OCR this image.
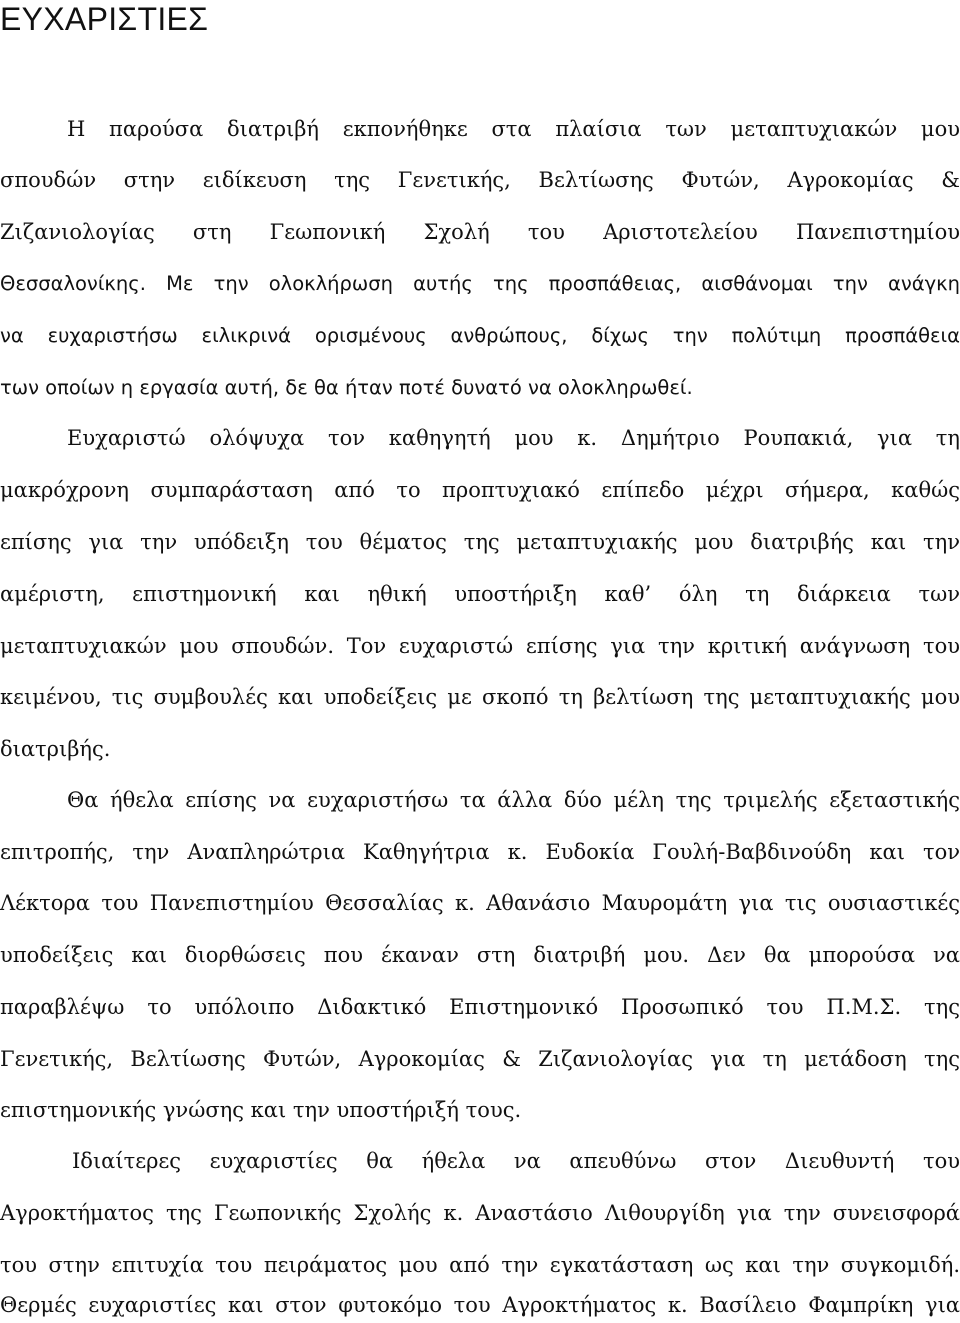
ΕΥΧΑΡΙΣΤΙΕΣ
Η παρούσα διατριβή εκπονήθηκε στα πλαίσια των μεταπτυχιακών μου
σπουδών στην ειδίκευση της Γενετικής, Βελτίωσης Φυτών, Αγροκομίας &
Ζιζανιολογίας στη Γεωπονική Σχολή του Αριστοτελείου Πανεπιστημίου
Θεσσαλονίκης. Με την ολοκλήρωση αυτής της προσπάθειας, αισθάνομαι την ανάγκη
να ευχαριστήσω ειλικρινά ορισμένους ανθρώπους, δίχως την πολύτιμη προσπάθεια
των οποίων η εργασία αυτή, δε θα ήταν ποτέ δυνατό να ολοκληρωθεί.
Ευχαριστώ ολόψυχα τον καθηγητή μου κ. Δημήτριο Ρουπακιά, για τη
μακρόχρονη συμπαράσταση από το προπτυχιακό επίπεδο μέχρι σήμερα, καθώς
επίσης για την υπόδειξη του θέματος της μεταπτυχιακής μου διατριβής και την
αμέριστη, επιστημονική και ηθική υποστήριξη καθ’ όλη τη διάρκεια των
μεταπτυχιακών μου σπουδών. Τον ευχαριστώ επίσης για την κριτική ανάγνωση του
κειμένου, τις συμβουλές και υποδείξεις με σκοπό τη βελτίωση της μεταπτυχιακής μου
διατριβής.
Θα ήθελα επίσης να ευχαριστήσω τα άλλα δύο μέλη της τριμελής εξεταστικής
επιτροπής, την Αναπληρώτρια Καθηγήτρια κ. Ευδοκία Γουλή-Βαβδινούδη και τον
Λέκτορα του Πανεπιστημίου Θεσσαλίας κ. Αθανάσιο Μαυρομάτη για τις ουσιαστικές
υποδείξεις και διορθώσεις που έκαναν στη διατριβή μου. Δεν θα μπορούσα να
παραβλέψω το υπόλοιπο Διδακτικό Επιστημονικό Προσωπικό του Π.Μ.Σ. της
Γενετικής, Βελτίωσης Φυτών, Αγροκομίας & Ζιζανιολογίας για τη μετάδοση της
επιστημονικής γνώσης και την υποστήριξή τους.
Ιδιαίτερες ευχαριστίες θα ήθελα να απευθύνω στον Διευθυντή του
Αγροκτήματος της Γεωπονικής Σχολής κ. Αναστάσιο Λιθουργίδη για την συνεισφορά
του στην επιτυχία του πειράματος μου από την εγκατάσταση ως και την συγκομιδή.
Θερμές ευχαριστίες και στον φυτοκόμο του Αγροκτήματος κ. Βασίλειο Φαμπρίκη για
